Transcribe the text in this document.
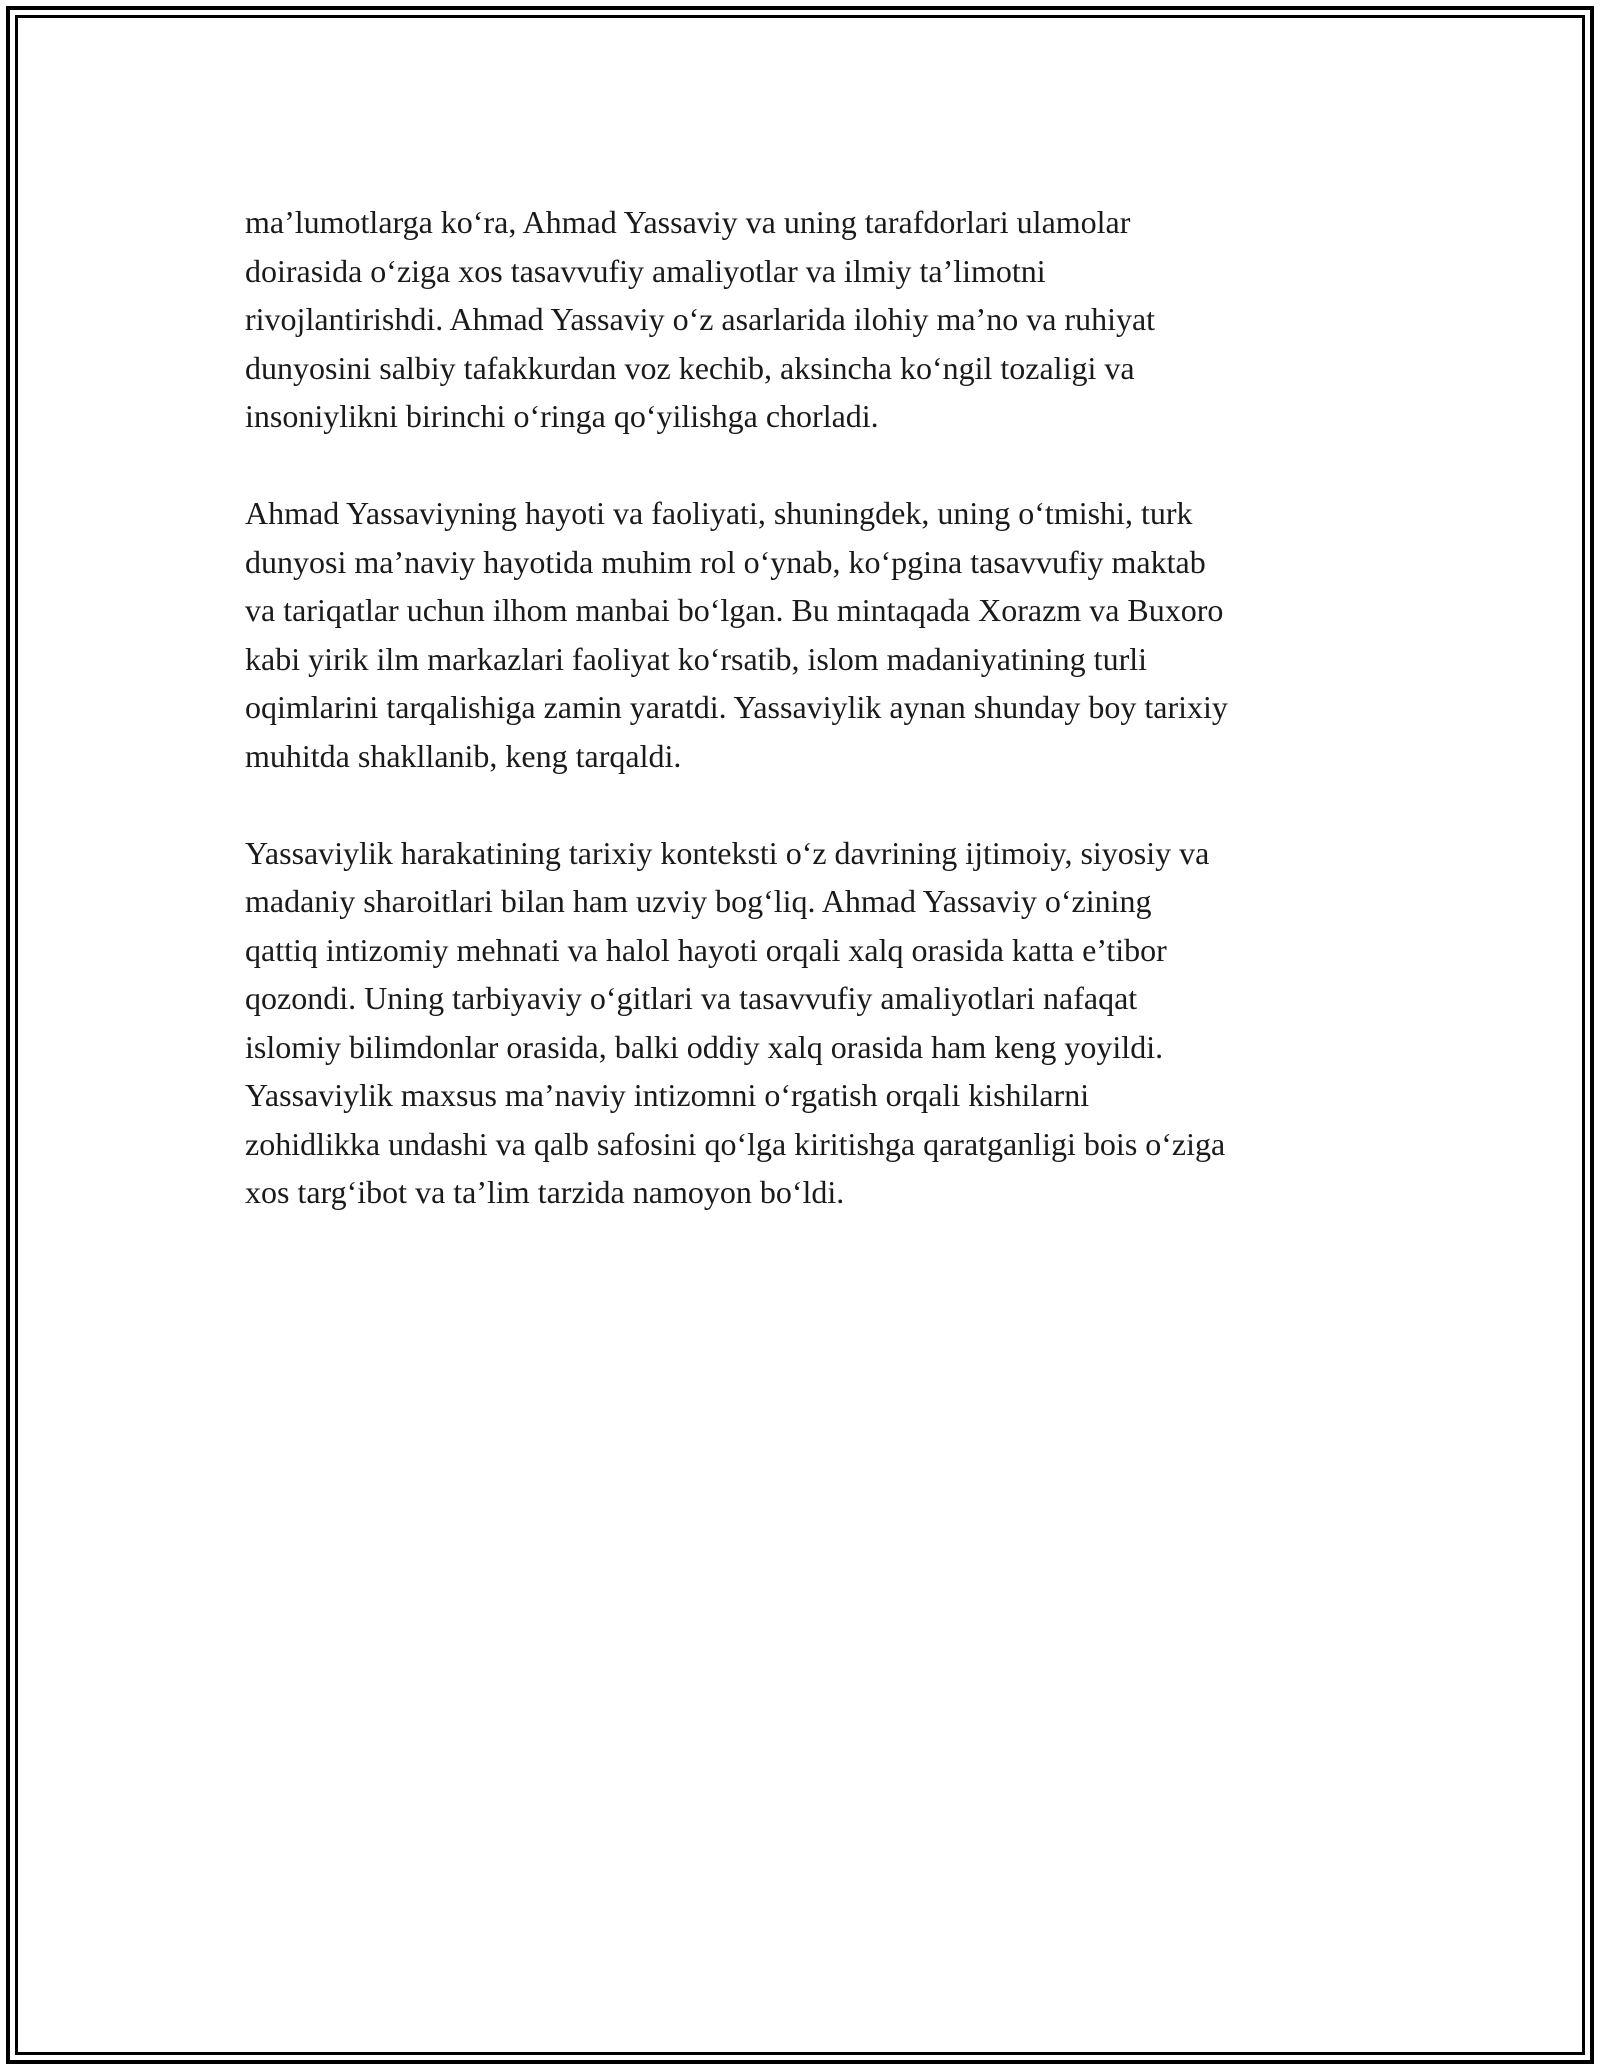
ma’lumotlarga ko‘ra, Ahmad Yassaviy va uning tarafdorlari ulamolar
doirasida o‘ziga xos tasavvufiy amaliyotlar va ilmiy ta’limotni
rivojlantirishdi. Ahmad Yassaviy o‘z asarlarida ilohiy ma’no va ruhiyat
dunyosini salbiy tafakkurdan voz kechib, aksincha ko‘ngil tozaligi va
insoniylikni birinchi o‘ringa qo‘yilishga chorladi.

Ahmad Yassaviyning hayoti va faoliyati, shuningdek, uning o‘tmishi, turk
dunyosi ma’naviy hayotida muhim rol o‘ynab, ko‘pgina tasavvufiy maktab
va tariqatlar uchun ilhom manbai bo‘lgan. Bu mintaqada Xorazm va Buxoro
kabi yirik ilm markazlari faoliyat ko‘rsatib, islom madaniyatining turli
oqimlarini tarqalishiga zamin yaratdi. Yassaviylik aynan shunday boy tarixiy
muhitda shakllanib, keng tarqaldi.

Yassaviylik harakatining tarixiy konteksti o‘z davrining ijtimoiy, siyosiy va
madaniy sharoitlari bilan ham uzviy bog‘liq. Ahmad Yassaviy o‘zining
qattiq intizomiy mehnati va halol hayoti orqali xalq orasida katta e’tibor
qozondi. Uning tarbiyaviy o‘gitlari va tasavvufiy amaliyotlari nafaqat
islomiy bilimdonlar orasida, balki oddiy xalq orasida ham keng yoyildi.
Yassaviylik maxsus ma’naviy intizomni o‘rgatish orqali kishilarni
zohidlikka undashi va qalb safosini qo‘lga kiritishga qaratganligi bois o‘ziga
xos targ‘ibot va ta’lim tarzida namoyon bo‘ldi.
